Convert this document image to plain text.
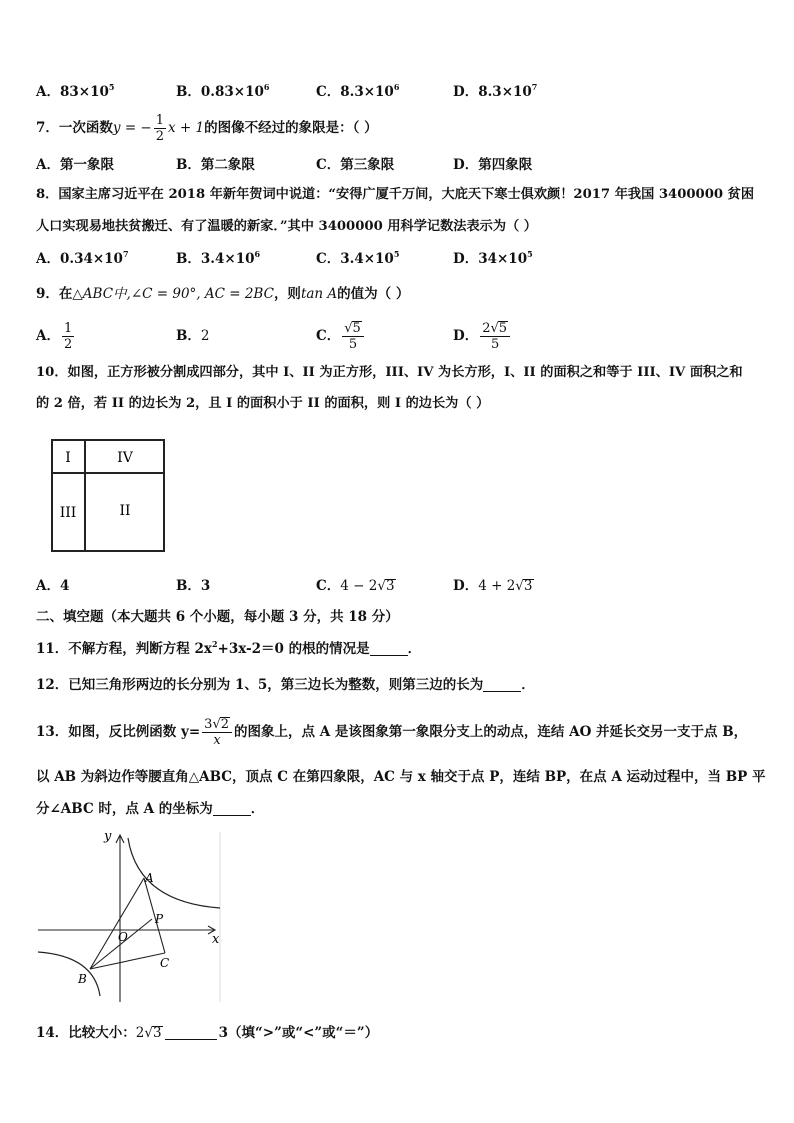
A．$83\times 10^5$	B．$0.83\times 10^6$	C．$8.3\times 10^6$	D．$8.3\times 10^7$
7．一次函数y = − $\frac{1}{2}$ x + 1的图像不经过的象限是：（ ）
A．第一象限	B．第二象限	C．第三象限	D．第四象限
8．国家主席习近平在 2018 年新年贺词中说道：“安得广厦千万间，大庇天下寒士俱欢颜！2017 年我国 3400000 贫困
人口实现易地扶贫搬迁、有了温暖的新家．”其中 3400000 用科学记数法表示为（ ）
A．$0.34\times 10^7$	B．$3.4\times 10^6$	C．$3.4\times 10^5$	D．$34\times 10^5$
9．在△ABC中,∠C = 90°, AC = 2BC，则tan A的值为（ ）
A． $\frac{1}{2}$	B．2	C． $\frac{√5}{5}$	D． $\frac{2√5}{5}$
10．如图，正方形被分割成四部分，其中 I、II 为正方形，III、IV 为长方形，I、II 的面积之和等于 III、IV 面积之和
的 2 倍，若 II 的边长为 2，且 I 的面积小于 II 的面积，则 I 的边长为（ ）
I	IV
III	II
A．4	B．3	C．4 − 2√3	D．4 + 2√3
二、填空题（本大题共 6 个小题，每小题 3 分，共 18 分）
11．不解方程，判断方程 $2x^2+3x-2=0$ 的根的情况是	．
12．已知三角形两边的长分别为 1、5，第三边长为整数，则第三边的长为	．
13．如图，反比例函数 $y= \frac{3√2}{x}$ 的图象上，点 A 是该图象第一象限分支上的动点，连结 AO 并延长交另一支于点 B，
以 AB 为斜边作等腰直角△ABC，顶点 C 在第四象限，AC 与 x 轴交于点 P，连结 BP，在点 A 运动过程中，当 BP 平
分∠ABC 时，点 A 的坐标为	．
y
x
A
P
O
C
B
14．比较大小：2√3	3（填“>”或“<”或“＝”）
